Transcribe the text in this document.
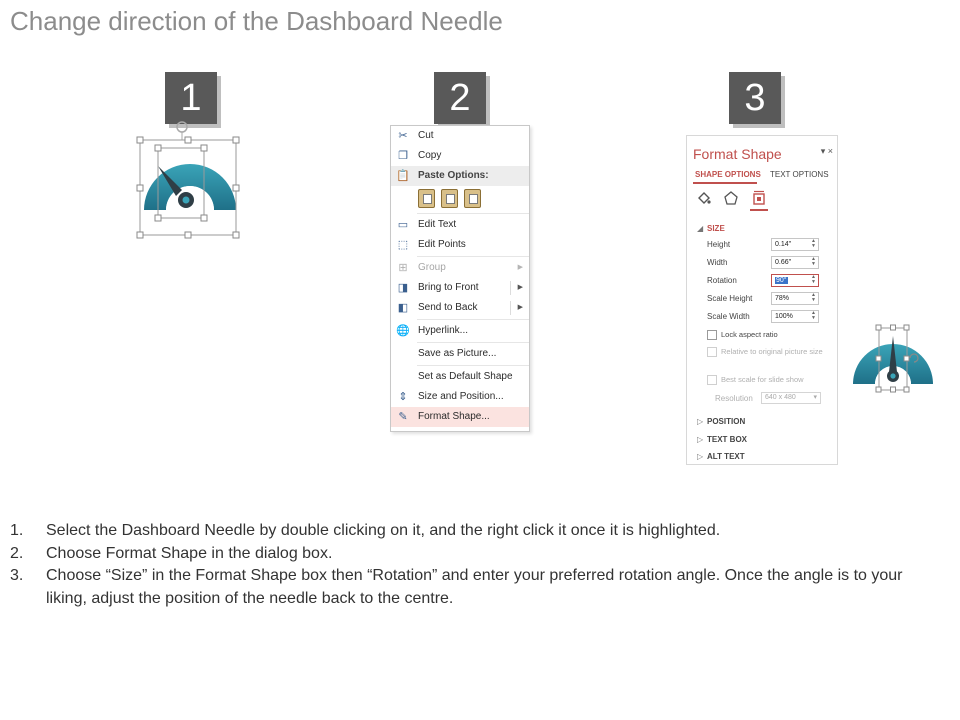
Change direction of the Dashboard Needle
1	2	3
✂ Cut
❐ Copy
📋 Paste Options:
▭ Edit Text
⬚ Edit Points
⊞ Group	▶
◨ Bring to Front	▶
◧ Send to Back	▶
🌐 Hyperlink...
Save as Picture...
Set as Default Shape
⇕ Size and Position...
✎ Format Shape...
Format Shape	▾ ×
SHAPE OPTIONS TEXT OPTIONS
◢ SIZE
Height	0.14"	▲
▼
Width	0.66"	▲
▼
Rotation	90°	▲
▼
Scale Height	78%	▲
▼
Scale Width	100%	▲
▼
Lock aspect ratio
Relative to original picture size
Best scale for slide show
Resolution	640 x 480	▾
▷ POSITION
▷ TEXT BOX
▷ ALT TEXT
1. Select the Dashboard Needle by double clicking on it, and the right click it once it is highlighted.
2. Choose Format Shape in the dialog box.
3. Choose “Size” in the Format Shape box then “Rotation” and enter your preferred rotation angle. Once the angle is to your liking, adjust the position of the needle back to the centre.
